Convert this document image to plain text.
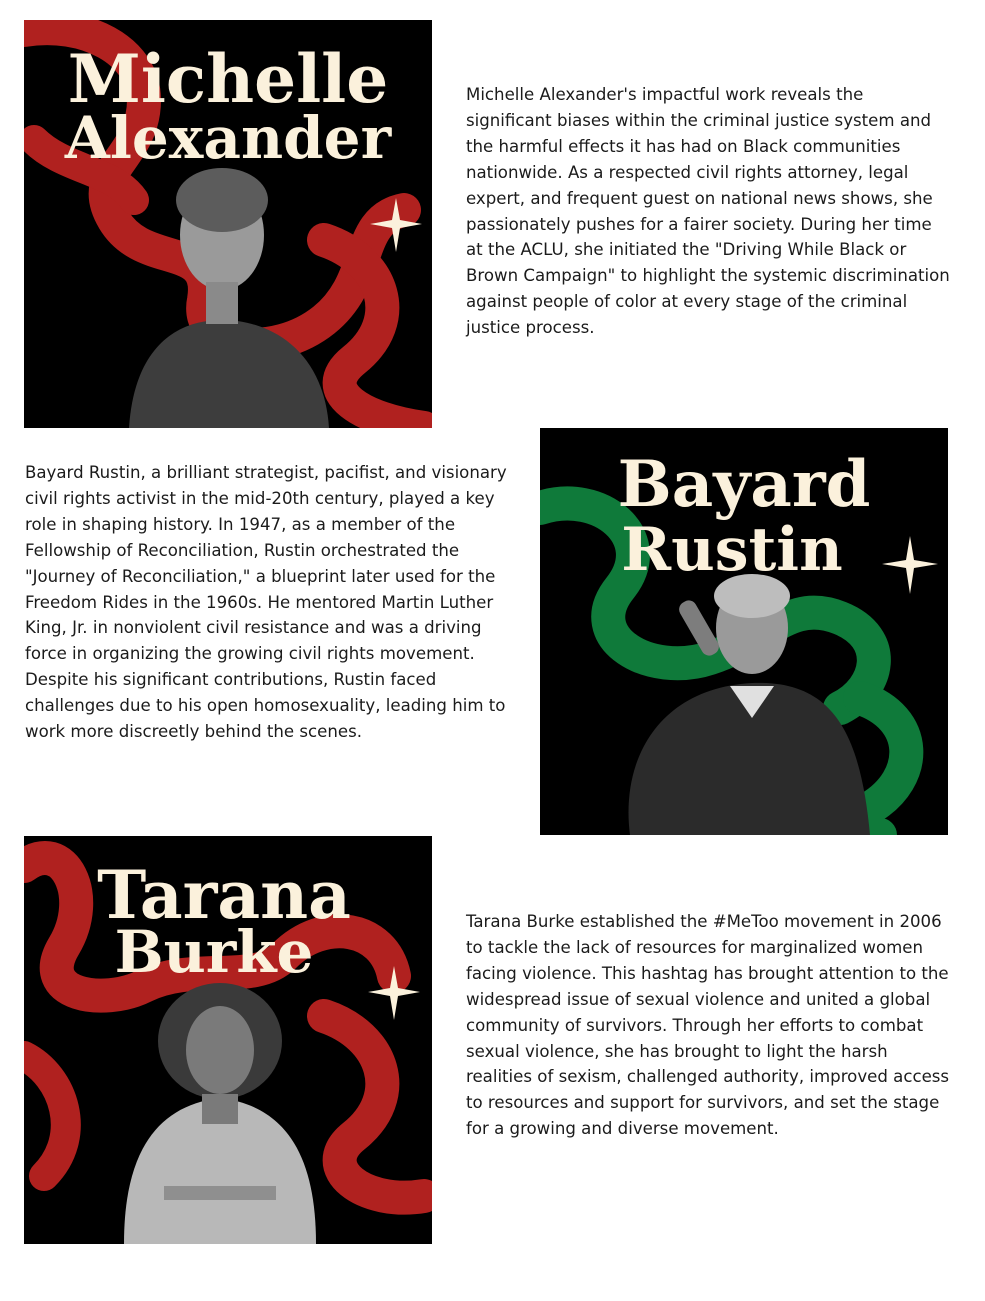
Michelle
Alexander

Michelle Alexander's impactful work reveals the significant biases within the criminal justice system and the harmful effects it has had on Black communities nationwide. As a respected civil rights attorney, legal expert, and frequent guest on national news shows, she passionately pushes for a fairer society. During her time at the ACLU, she initiated the "Driving While Black or Brown Campaign" to highlight the systemic discrimination against people of color at every stage of the criminal justice process.

Bayard Rustin, a brilliant strategist, pacifist, and visionary civil rights activist in the mid-20th century, played a key role in shaping history. In 1947, as a member of the Fellowship of Reconciliation, Rustin orchestrated the "Journey of Reconciliation," a blueprint later used for the Freedom Rides in the 1960s. He mentored Martin Luther King, Jr. in nonviolent civil resistance and was a driving force in organizing the growing civil rights movement. Despite his significant contributions, Rustin faced challenges due to his open homosexuality, leading him to work more discreetly behind the scenes.

Bayard
Rustin
Tarana
Burke	Tarana Burke established the #MeToo movement in 2006 to tackle the lack of resources for marginalized women facing violence. This hashtag has brought attention to the widespread issue of sexual violence and united a global community of survivors. Through her efforts to combat sexual violence, she has brought to light the harsh realities of sexism, challenged authority, improved access to resources and support for survivors, and set the stage for a growing and diverse movement.
